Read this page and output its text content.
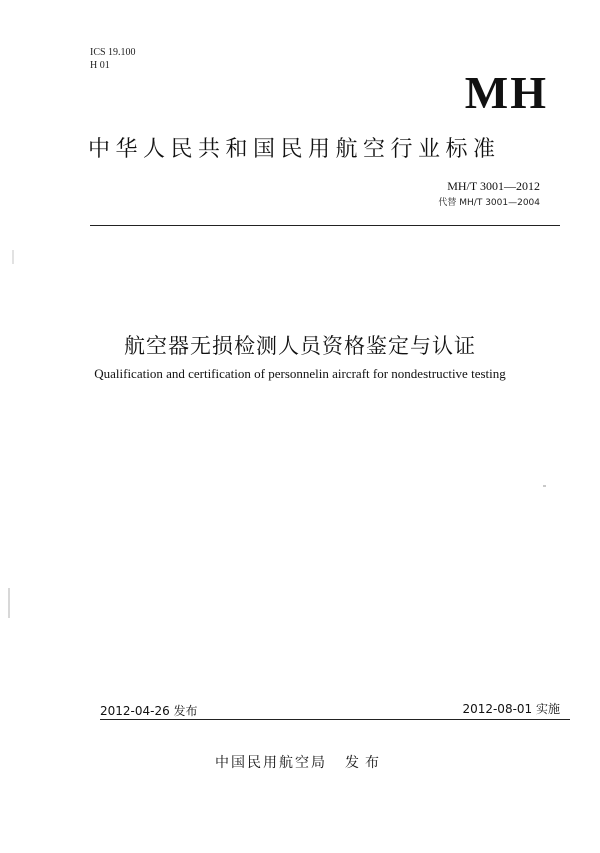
ICS 19.100
H 01
MH
中华人民共和国民用航空行业标准
MH/T 3001—2012
代替 MH/T 3001—2004
航空器无损检测人员资格鉴定与认证
Qualification and certification of personnelin aircraft for nondestructive testing
2012-04-26 发布	2012-08-01 实施
中国民用航空局 发布
